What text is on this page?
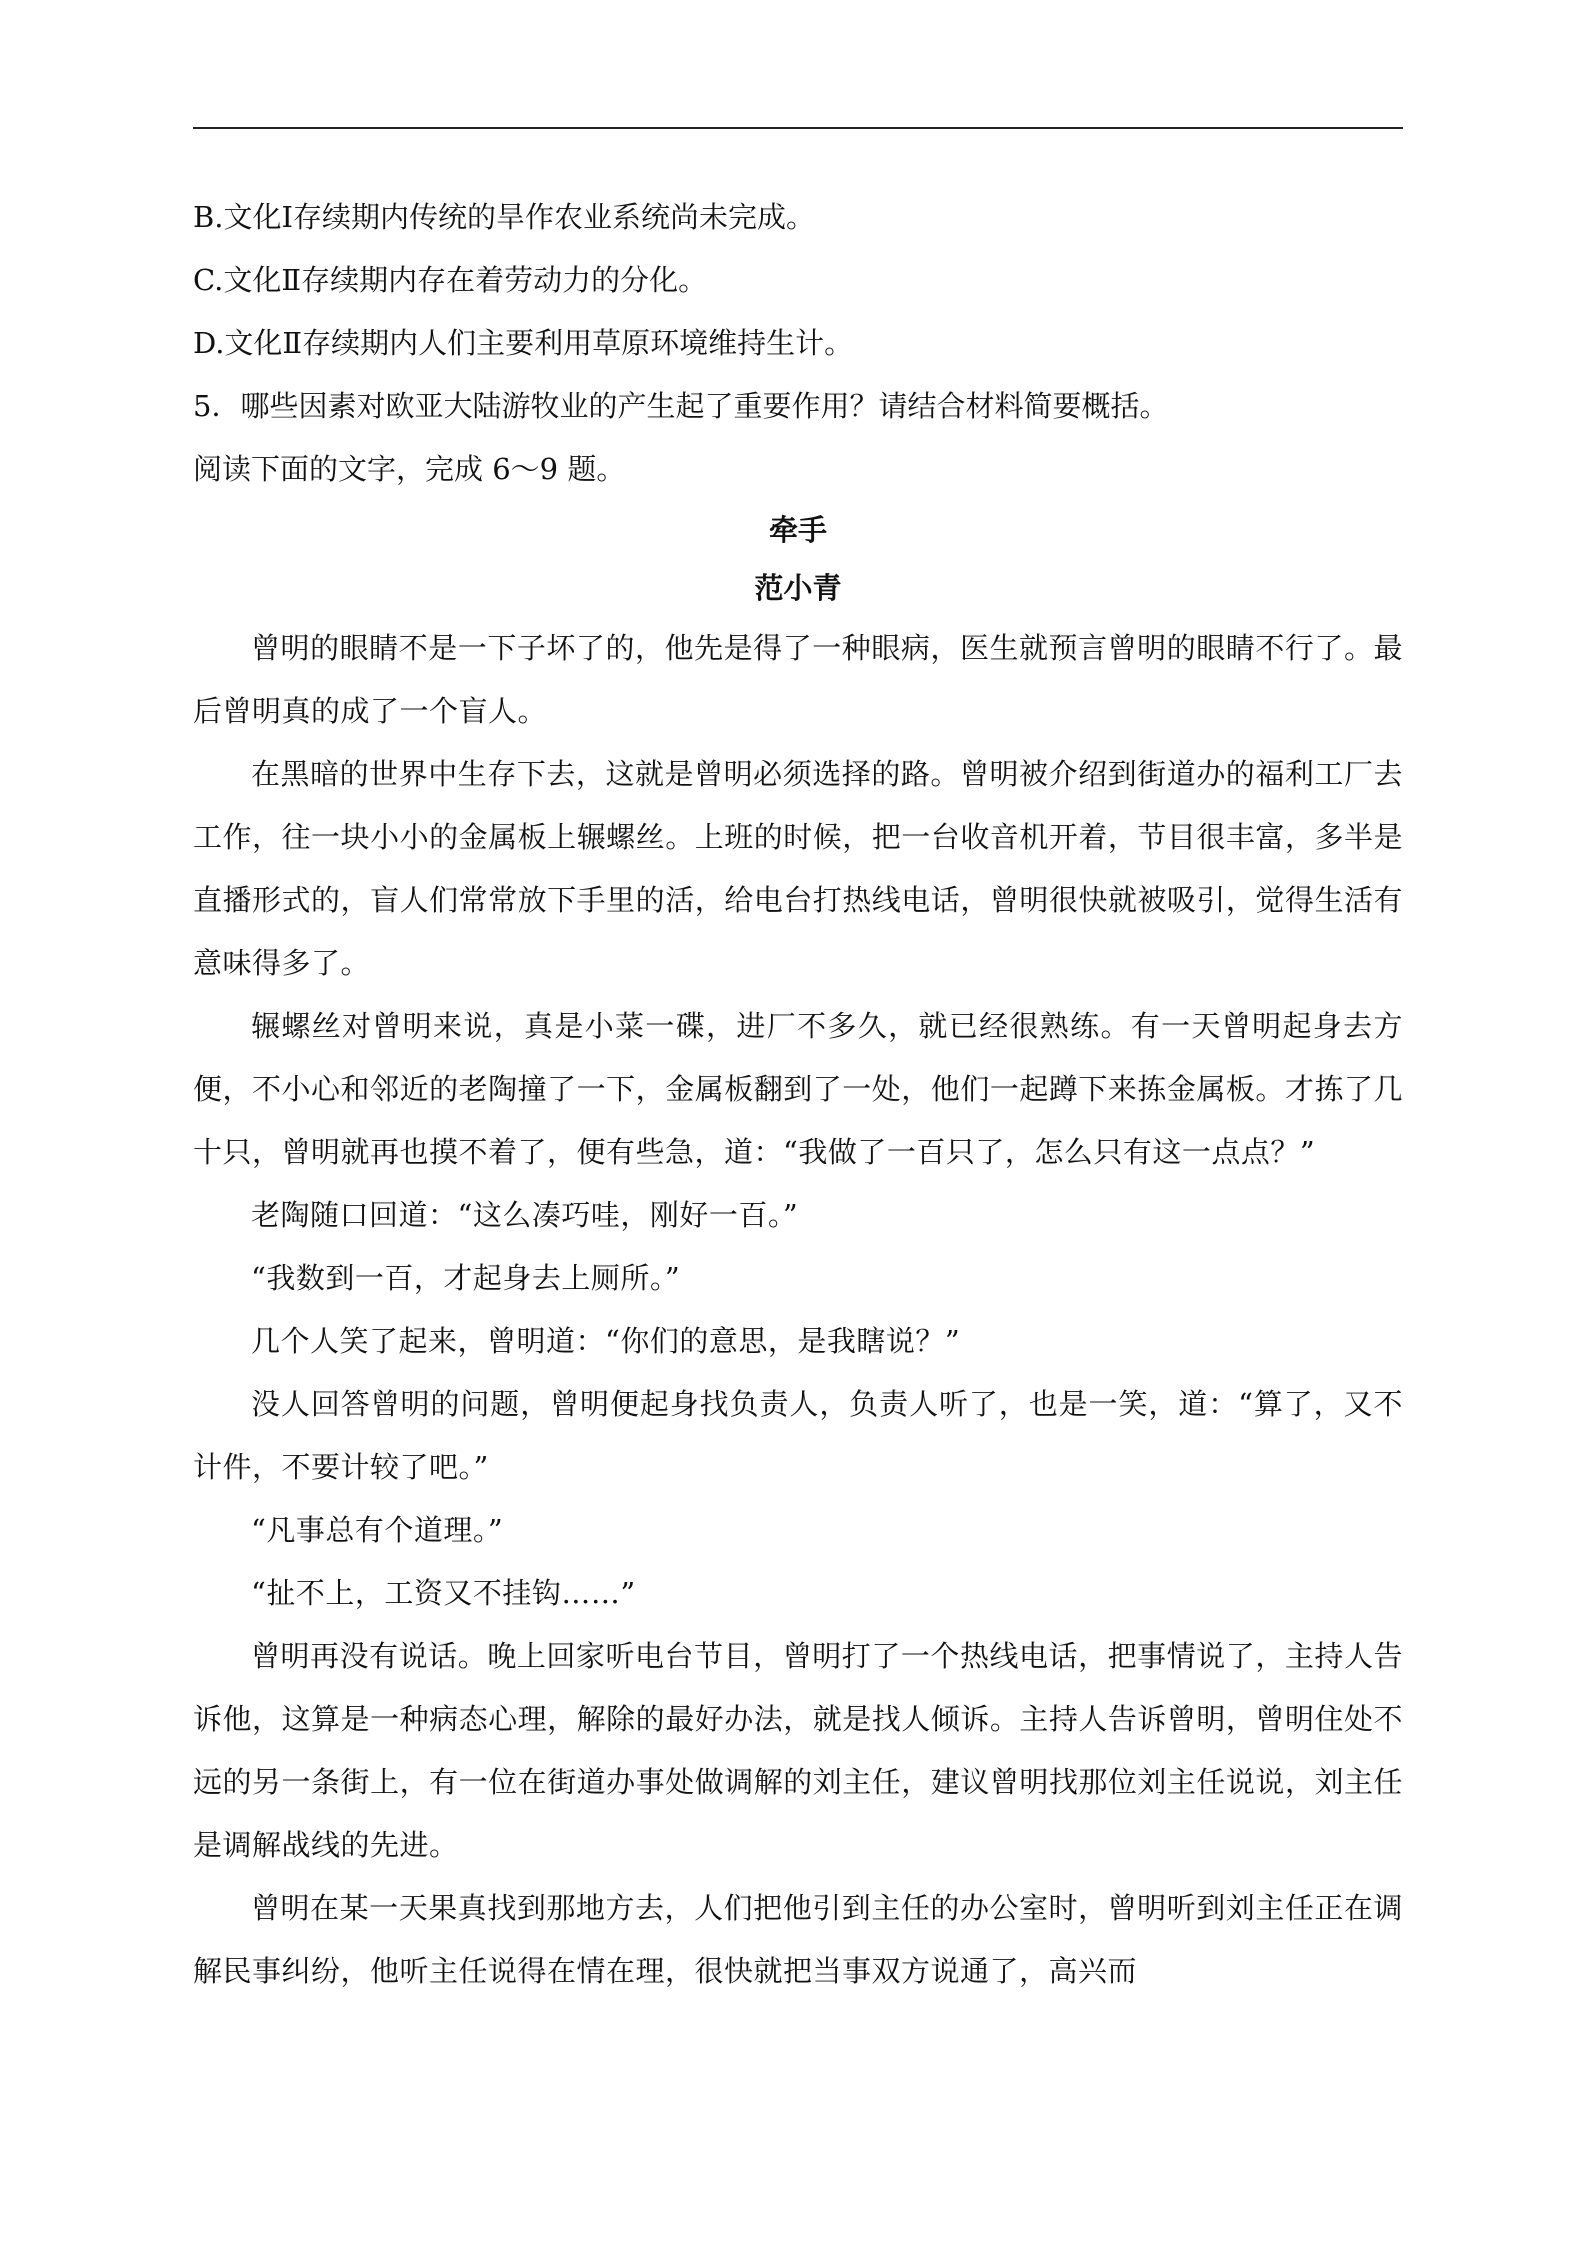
B.文化Ⅰ存续期内传统的旱作农业系统尚未完成。

C.文化Ⅱ存续期内存在着劳动力的分化。

D.文化Ⅱ存续期内人们主要利用草原环境维持生计。

5．哪些因素对欧亚大陆游牧业的产生起了重要作用？请结合材料简要概括。

阅读下面的文字，完成 6～9 题。

牵手

范小青

曾明的眼睛不是一下子坏了的，他先是得了一种眼病，医生就预言曾明的眼睛不行了。最后曾明真的成了一个盲人。

在黑暗的世界中生存下去，这就是曾明必须选择的路。曾明被介绍到街道办的福利工厂去工作，往一块小小的金属板上辗螺丝。上班的时候，把一台收音机开着，节目很丰富，多半是直播形式的，盲人们常常放下手里的活，给电台打热线电话，曾明很快就被吸引，觉得生活有意味得多了。

辗螺丝对曾明来说，真是小菜一碟，进厂不多久，就已经很熟练。有一天曾明起身去方便，不小心和邻近的老陶撞了一下，金属板翻到了一处，他们一起蹲下来拣金属板。才拣了几十只，曾明就再也摸不着了，便有些急，道：“我做了一百只了，怎么只有这一点点？”

老陶随口回道：“这么凑巧哇，刚好一百。”

“我数到一百，才起身去上厕所。”

几个人笑了起来，曾明道：“你们的意思，是我瞎说？”

没人回答曾明的问题，曾明便起身找负责人，负责人听了，也是一笑，道：“算了，又不计件，不要计较了吧。”

“凡事总有个道理。”

“扯不上，工资又不挂钩……”

曾明再没有说话。晚上回家听电台节目，曾明打了一个热线电话，把事情说了，主持人告诉他，这算是一种病态心理，解除的最好办法，就是找人倾诉。主持人告诉曾明，曾明住处不远的另一条街上，有一位在街道办事处做调解的刘主任，建议曾明找那位刘主任说说，刘主任是调解战线的先进。

曾明在某一天果真找到那地方去，人们把他引到主任的办公室时，曾明听到刘主任正在调解民事纠纷，他听主任说得在情在理，很快就把当事双方说通了，高兴而
